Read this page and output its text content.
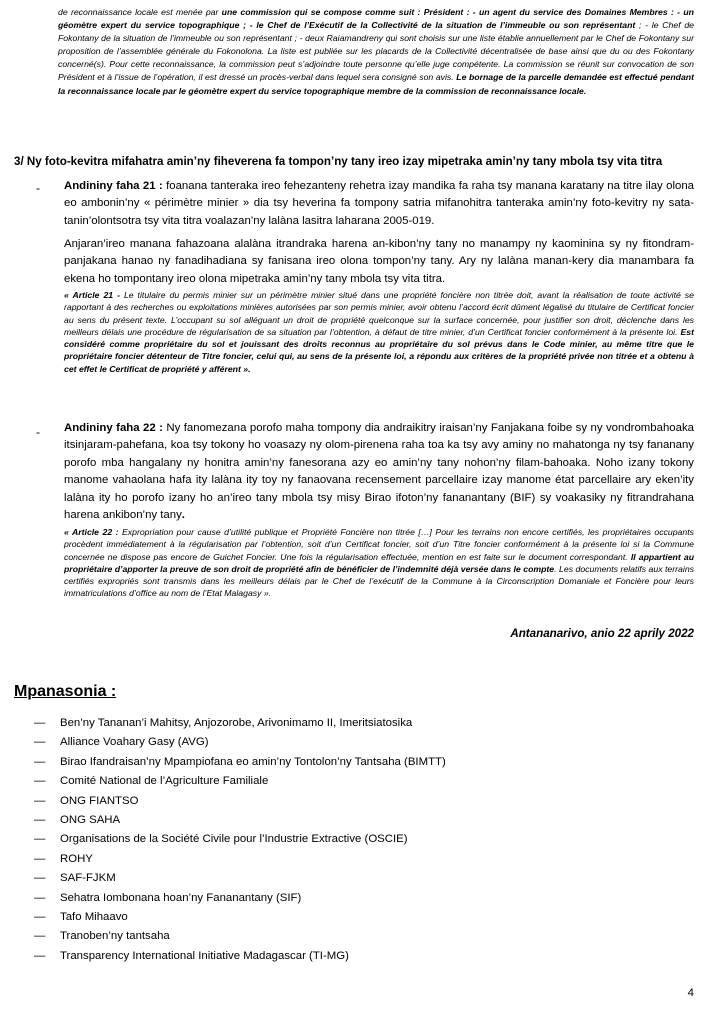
de reconnaissance locale est menée par une commission qui se compose comme suit : Président : - un agent du service des Domaines Membres : - un géomètre expert du service topographique ; - le Chef de l’Exécutif de la Collectivité de la situation de l’immeuble ou son représentant ; - le Chef de Fokontany de la situation de l’immeuble ou son représentant ; - deux Raiamandreny qui sont choisis sur une liste établie annuellement par le Chef de Fokontany sur proposition de l’assemblée générale du Fokonolona. La liste est publiée sur les placards de la Collectivité décentralisée de base ainsi que du ou des Fokontany concerné(s). Pour cette reconnaissance, la commission peut s’adjoindre toute personne qu’elle juge compétente. La commission se réunit sur convocation de son Président et à l’issue de l’opération, il est dressé un procès-verbal dans lequel sera consigné son avis. Le bornage de la parcelle demandée est effectué pendant la reconnaissance locale par le géomètre expert du service topographique membre de la commission de reconnaissance locale.
3/ Ny foto-kevitra mifahatra amin’ny fiheverena fa tompon’ny tany ireo izay mipetraka amin’ny tany mbola tsy vita titra
- Andininy faha 21 : foanana tanteraka ireo fehezanteny rehetra izay mandika fa raha tsy manana karatany na titre ilay olona eo ambonin’ny « périmètre minier » dia tsy heverina fa tompony satria mifanohitra tanteraka amin’ny foto-kevitry ny sata-tanin’olontsotra tsy vita titra voalazan’ny lalàna lasitra laharana 2005-019.
Anjaran’ireo manana fahazoana alalàna itrandraka harena an-kibon’ny tany no manampy ny kaominina sy ny fitondram-panjakana hanao ny fanadihadiana sy fanisana ireo olona tompon’ny tany. Ary ny lalàna manan-kery dia manambara fa ekena ho tompontany ireo olona mipetraka amin’ny tany mbola tsy vita titra.
« Article 21 - Le titulaire du permis minier sur un périmètre minier situé dans une propriété foncière non titrée doit, avant la réalisation de toute activité se rapportant à des recherches ou exploitations minières autorisées par son permis minier, avoir obtenu l’accord écrit dûment légalisé du titulaire de Certificat foncier au sens du présent texte. L’occupant su sol alléguant un droit de propriété quelconque sur la surface concernée, pour justifier son droit, déclenche dans les meilleurs délais une procédure de régularisation de sa situation par l’obtention, à défaut de titre minier, d’un Certificat foncier conformément à la présente loi. Est considéré comme propriétaire du sol et jouissant des droits reconnus au propriétaire du sol prévus dans le Code minier, au même titre que le propriétaire foncier détenteur de Titre foncier, celui qui, au sens de la présente loi, a répondu aux critères de la propriété privée non titrée et a obtenu à cet effet le Certificat de propriété y afférent ».
- Andininy faha 22 : Ny fanomezana porofo maha tompony dia andraikitry iraisan’ny Fanjakana foibe sy ny vondrombahoaka itsinjaram-pahefana, koa tsy tokony ho voasazy ny olom-pirenena raha toa ka tsy avy aminy no mahatonga ny tsy fananany porofo mba hangalany ny honitra amin’ny fanesorana azy eo amin’ny tany nohon’ny filam-bahoaka. Noho izany tokony manome vahaolana hafa ity lalàna ity toy ny fanaovana recensement parcellaire izay manome état parcellaire ary eken’ity lalàna ity ho porofo izany ho an’ireo tany mbola tsy misy Birao ifoton’ny fananantany (BIF) sy voakasiky ny fitrandrahana harena ankibon’ny tany.
« Article 22 : Expropriation pour cause d’utilité publique et Propriété Foncière non titrée […] Pour les terrains non encore certifiés, les propriétaires occupants procèdent immédiatement à la régularisation par l’obtention, soit d’un Certificat foncier, soit d’un Titre foncier conformément à la présente loi si la Commune concernée ne dispose pas encore de Guichet Foncier. Une fois la régularisation effectuée, mention en est faite sur le document correspondant. Il appartient au propriétaire d’apporter la preuve de son droit de propriété afin de bénéficier de l’indemnité déjà versée dans le compte. Les documents relatifs aux terrains certifiés expropriés sont transmis dans les meilleurs délais par le Chef de l’exécutif de la Commune à la Circonscription Domaniale et Foncière pour leurs immatriculations d’office au nom de l’Etat Malagasy ».
Antananarivo, anio 22 aprily 2022
Mpanasonia :
— Ben’ny Tananan’i Mahitsy, Anjozorobe, Arivonimamo II, Imeritsiatosika
— Alliance Voahary Gasy (AVG)
— Birao Ifandraisan’ny Mpampiofana eo amin’ny Tontolon’ny Tantsaha (BIMTT)
— Comité National de l’Agriculture Familiale
— ONG FIANTSO
— ONG SAHA
— Organisations de la Société Civile pour l’Industrie Extractive (OSCIE)
— ROHY
— SAF-FJKM
— Sehatra Iombonana hoan’ny Fananantany (SIF)
— Tafo Mihaavo
— Tranoben’ny tantsaha
— Transparency International Initiative Madagascar (TI-MG)
4
